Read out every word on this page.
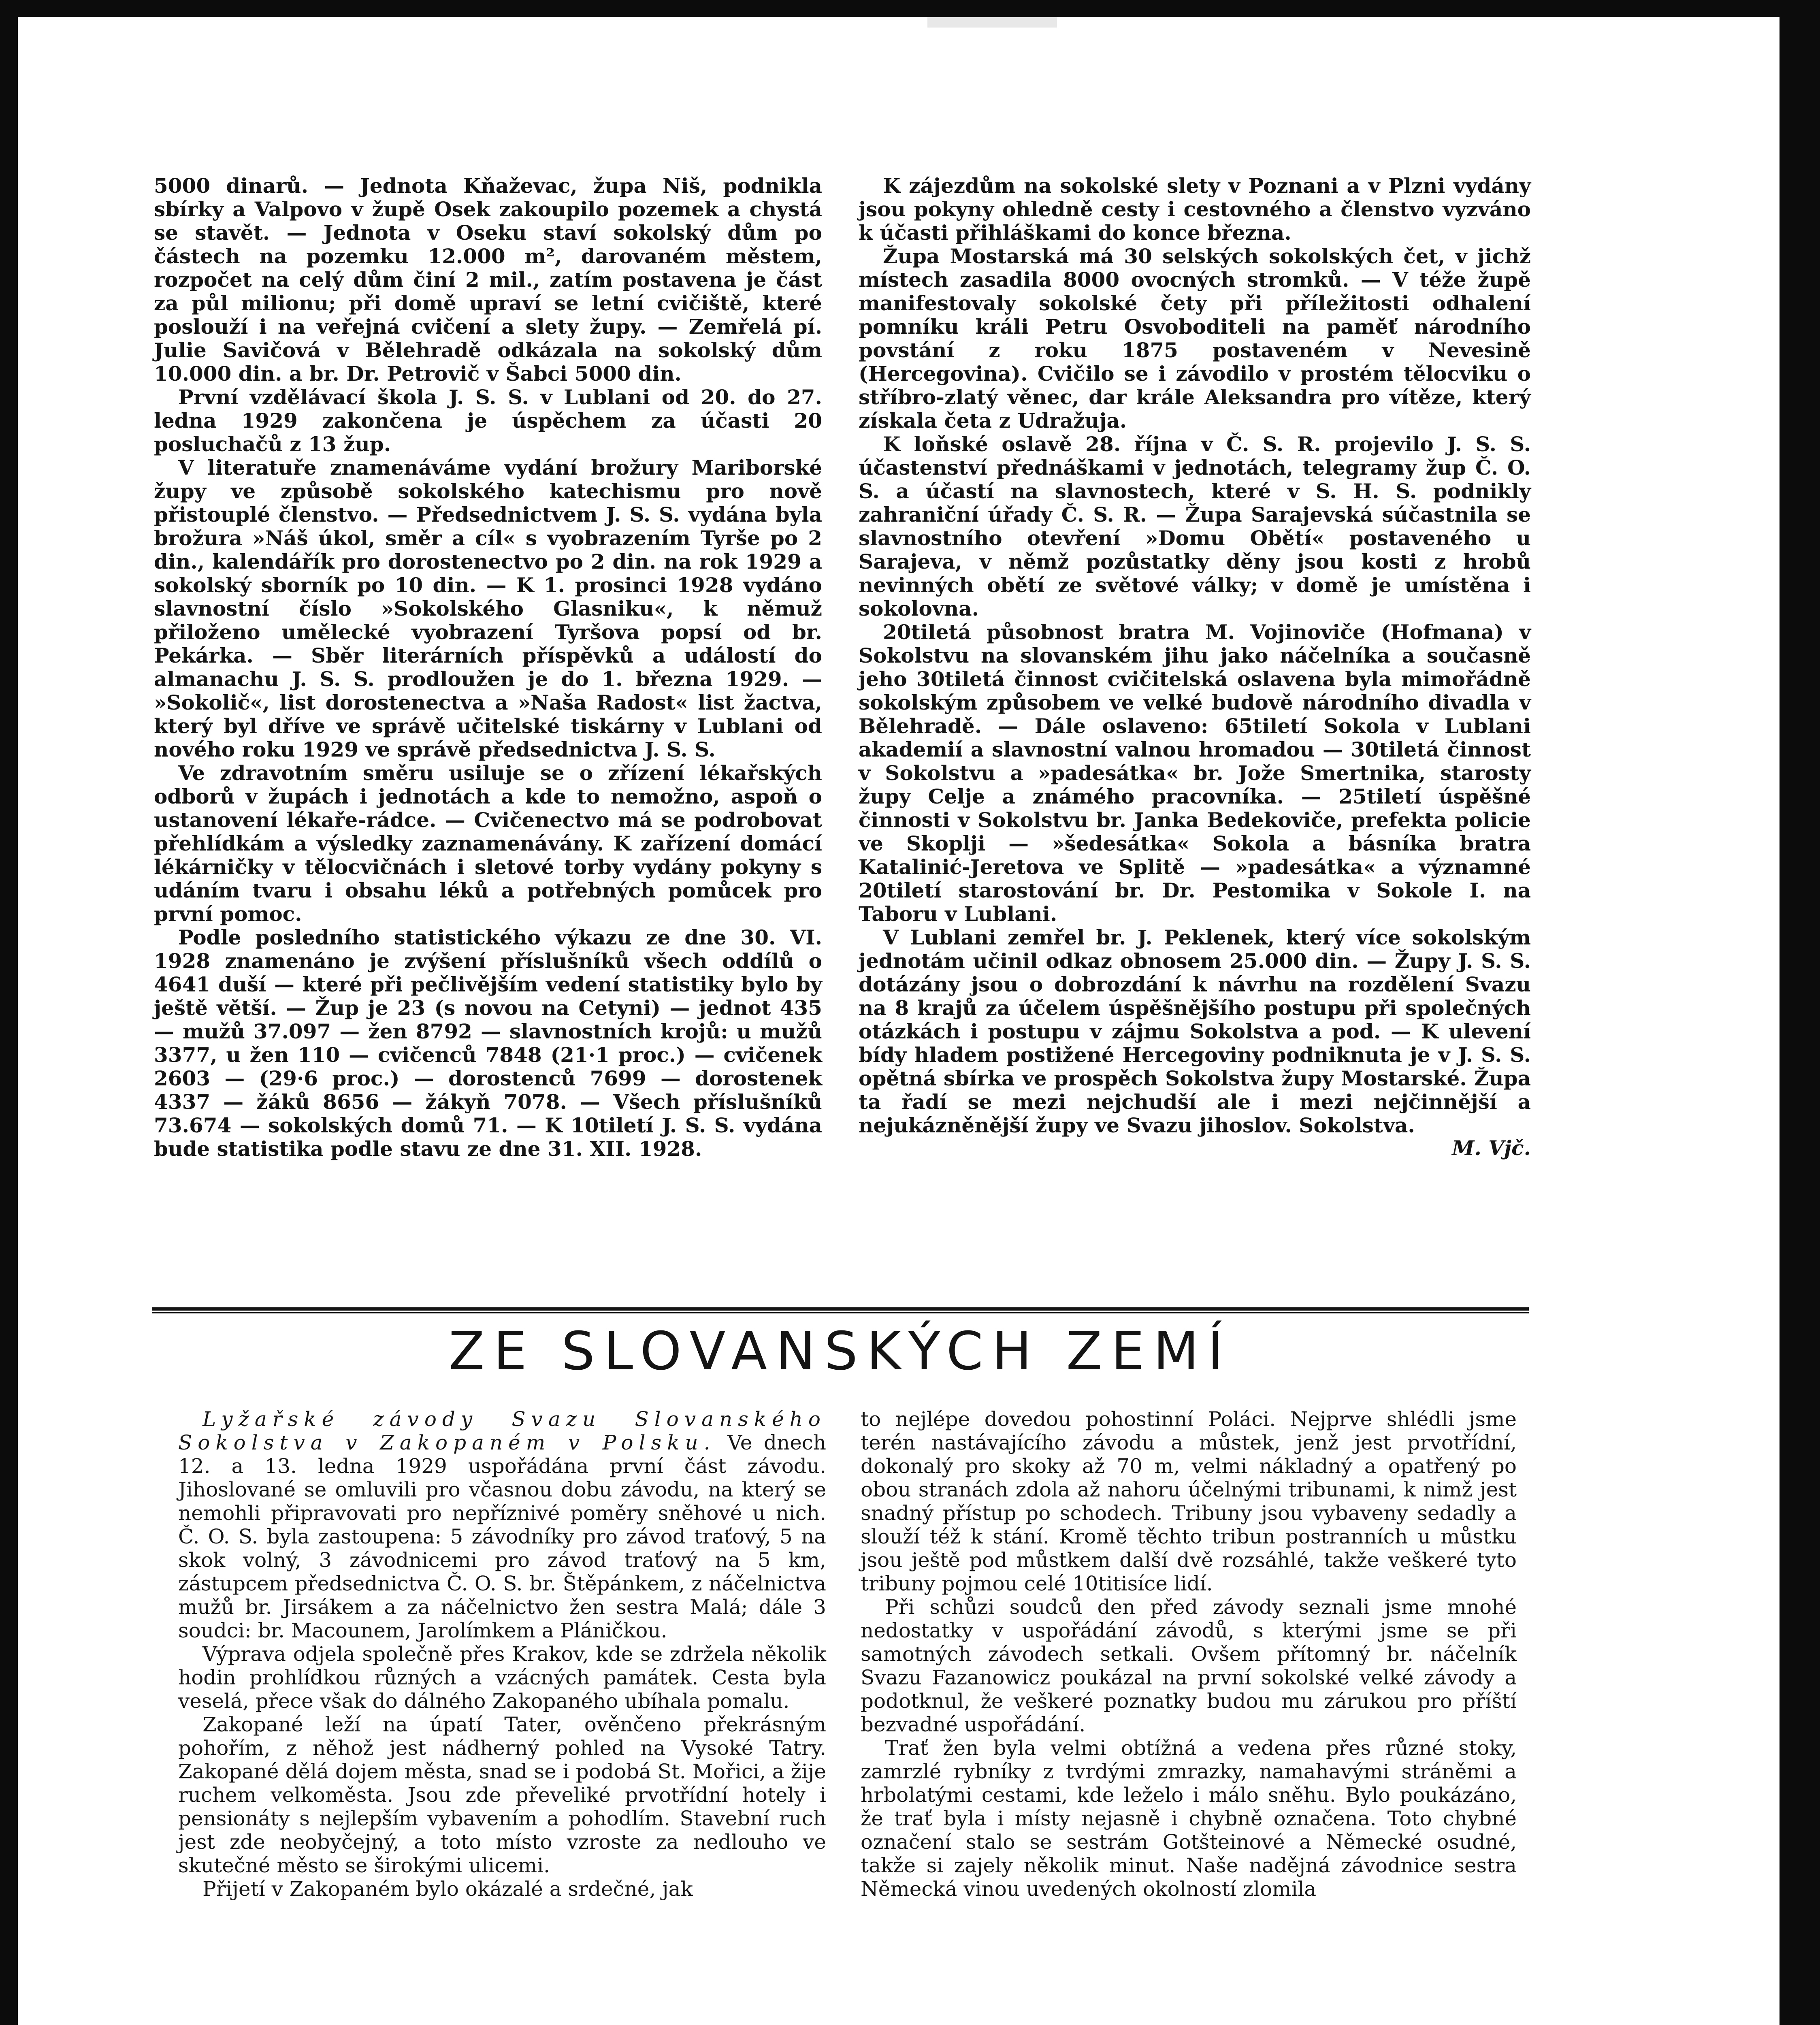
5000 dinarů. — Jednota Kňaževac, župa Niš, podnikla sbírky a Valpovo v župě Osek zakoupilo pozemek a chystá se stavět. — Jednota v Oseku staví sokolský dům po částech na pozemku 12.000 m², darovaném městem, rozpočet na celý dům činí 2 mil., zatím postavena je část za půl milionu; při domě upraví se letní cvičiště, které poslouží i na veřejná cvičení a slety župy. — Zemřelá pí. Julie Savičová v Bělehradě odkázala na sokolský dům 10.000 din. a br. Dr. Petrovič v Šabci 5000 din.

První vzdělávací škola J. S. S. v Lublani od 20. do 27. ledna 1929 zakončena je úspěchem za účasti 20 posluchačů z 13 žup.

V literatuře znamenáváme vydání brožury Mariborské župy ve způsobě sokolského katechismu pro nově přistouplé členstvo. — Předsednictvem J. S. S. vydána byla brožura »Náš úkol, směr a cíl« s vyobrazením Tyrše po 2 din., kalendářík pro dorostenectvo po 2 din. na rok 1929 a sokolský sborník po 10 din. — K 1. prosinci 1928 vydáno slavnostní číslo »Sokolského Glasniku«, k němuž přiloženo umělecké vyobrazení Tyršova popsí od br. Pekárka. — Sběr literárních příspěvků a událostí do almanachu J. S. S. prodloužen je do 1. března 1929. — »Sokolič«, list dorostenectva a »Naša Radost« list žactva, který byl dříve ve správě učitelské tiskárny v Lublani od nového roku 1929 ve správě předsednictva J. S. S.

Ve zdravotním směru usiluje se o zřízení lékařských odborů v župách i jednotách a kde to nemožno, aspoň o ustanovení lékaře-rádce. — Cvičenectvo má se podrobovat přehlídkám a výsledky zaznamenávány. K zařízení domácí lékárničky v tělocvičnách i sletové torby vydány pokyny s udáním tvaru i obsahu léků a potřebných pomůcek pro první pomoc.

Podle posledního statistického výkazu ze dne 30. VI. 1928 znamenáno je zvýšení příslušníků všech oddílů o 4641 duší — které při pečlivějším vedení statistiky bylo by ještě větší. — Žup je 23 (s novou na Cetyni) — jednot 435 — mužů 37.097 — žen 8792 — slavnostních krojů: u mužů 3377, u žen 110 — cvičenců 7848 (21·1 proc.) — cvičenek 2603 — (29·6 proc.) — dorostenců 7699 — dorostenek 4337 — žáků 8656 — žákyň 7078. — Všech příslušníků 73.674 — sokolských domů 71. — K 10tiletí J. S. S. vydána bude statistika podle stavu ze dne 31. XII. 1928.

K zájezdům na sokolské slety v Poznani a v Plzni vydány jsou pokyny ohledně cesty i cestovného a členstvo vyzváno k účasti přihláškami do konce března.

Župa Mostarská má 30 selských sokolských čet, v jichž místech zasadila 8000 ovocných stromků. — V téže župě manifestovaly sokolské čety při příležitosti odhalení pomníku králi Petru Osvoboditeli na paměť národního povstání z roku 1875 postaveném v Nevesině (Hercegovina). Cvičilo se i závodilo v prostém tělocviku o stříbro-zlatý věnec, dar krále Aleksandra pro vítěze, který získala četa z Udražuja.

K loňské oslavě 28. října v Č. S. R. projevilo J. S. S. účastenství přednáškami v jednotách, telegramy žup Č. O. S. a účastí na slavnostech, které v S. H. S. podnikly zahraniční úřady Č. S. R. — Župa Sarajevská súčastnila se slavnostního otevření »Domu Obětí« postaveného u Sarajeva, v němž pozůstatky děny jsou kosti z hrobů nevinných obětí ze světové války; v domě je umístěna i sokolovna.

20tiletá působnost bratra M. Vojinoviče (Hofmana) v Sokolstvu na slovanském jihu jako náčelníka a současně jeho 30tiletá činnost cvičitelská oslavena byla mimořádně sokolským způsobem ve velké budově národního divadla v Bělehradě. — Dále oslaveno: 65tiletí Sokola v Lublani akademií a slavnostní valnou hromadou — 30tiletá činnost v Sokolstvu a »padesátka« br. Jože Smertnika, starosty župy Celje a známého pracovníka. — 25tiletí úspěšné činnosti v Sokolstvu br. Janka Bedekoviče, prefekta policie ve Skoplji — »šedesátka« Sokola a básníka bratra Katalinić-Jeretova ve Splitě — »padesátka« a významné 20tiletí starostování br. Dr. Pestomika v Sokole I. na Taboru v Lublani.

V Lublani zemřel br. J. Peklenek, který více sokolským jednotám učinil odkaz obnosem 25.000 din. — Župy J. S. S. dotázány jsou o dobrozdání k návrhu na rozdělení Svazu na 8 krajů za účelem úspěšnějšího postupu při společných otázkách i postupu v zájmu Sokolstva a pod. — K ulevení bídy hladem postižené Hercegoviny podniknuta je v J. S. S. opětná sbírka ve prospěch Sokolstva župy Mostarské. Župa ta řadí se mezi nejchudší ale i mezi nejčinnější a nejukázněnější župy ve Svazu jihoslov. Sokolstva.

M. Vjč.
ZE SLOVANSKÝCH ZEMÍ

Lyžařské závody Svazu Slovanského Sokolstva v Zakopaném v Polsku. Ve dnech 12. a 13. ledna 1929 uspořádána první část závodu. Jihoslované se omluvili pro včasnou dobu závodu, na který se nemohli připravovati pro nepříznivé poměry sněhové u nich. Č. O. S. byla zastoupena: 5 závodníky pro závod traťový, 5 na skok volný, 3 závodnicemi pro závod traťový na 5 km, zástupcem předsednictva Č. O. S. br. Štěpánkem, z náčelnictva mužů br. Jirsákem a za náčelnictvo žen sestra Malá; dále 3 soudci: br. Macounem, Jarolímkem a Pláničkou.

Výprava odjela společně přes Krakov, kde se zdržela několik hodin prohlídkou různých a vzácných památek. Cesta byla veselá, přece však do dálného Zakopaného ubíhala pomalu.

Zakopané leží na úpatí Tater, ověnčeno překrásným pohořím, z něhož jest nádherný pohled na Vysoké Tatry. Zakopané dělá dojem města, snad se i podobá St. Mořici, a žije ruchem velkoměsta. Jsou zde převeliké prvotřídní hotely i pensionáty s nejlepším vybavením a pohodlím. Stavební ruch jest zde neobyčejný, a toto místo vzroste za nedlouho ve skutečné město se širokými ulicemi.

Přijetí v Zakopaném bylo okázalé a srdečné, jak

to nejlépe dovedou pohostinní Poláci. Nejprve shlédli jsme terén nastávajícího závodu a můstek, jenž jest prvotřídní, dokonalý pro skoky až 70 m, velmi nákladný a opatřený po obou stranách zdola až nahoru účelnými tribunami, k nimž jest snadný přístup po schodech. Tribuny jsou vybaveny sedadly a slouží též k stání. Kromě těchto tribun postranních u můstku jsou ještě pod můstkem další dvě rozsáhlé, takže veškeré tyto tribuny pojmou celé 10titisíce lidí.

Při schůzi soudců den před závody seznali jsme mnohé nedostatky v uspořádání závodů, s kterými jsme se při samotných závodech setkali. Ovšem přítomný br. náčelník Svazu Fazanowicz poukázal na první sokolské velké závody a podotknul, že veškeré poznatky budou mu zárukou pro příští bezvadné uspořádání.

Trať žen byla velmi obtížná a vedena přes různé stoky, zamrzlé rybníky z tvrdými zmrazky, namahavými stráněmi a hrbolatými cestami, kde leželo i málo sněhu. Bylo poukázáno, že trať byla i místy nejasně i chybně označena. Toto chybné označení stalo se sestrám Gotšteinové a Německé osudné, takže si zajely několik minut. Naše nadějná závodnice sestra Německá vinou uvedených okolností zlomila
